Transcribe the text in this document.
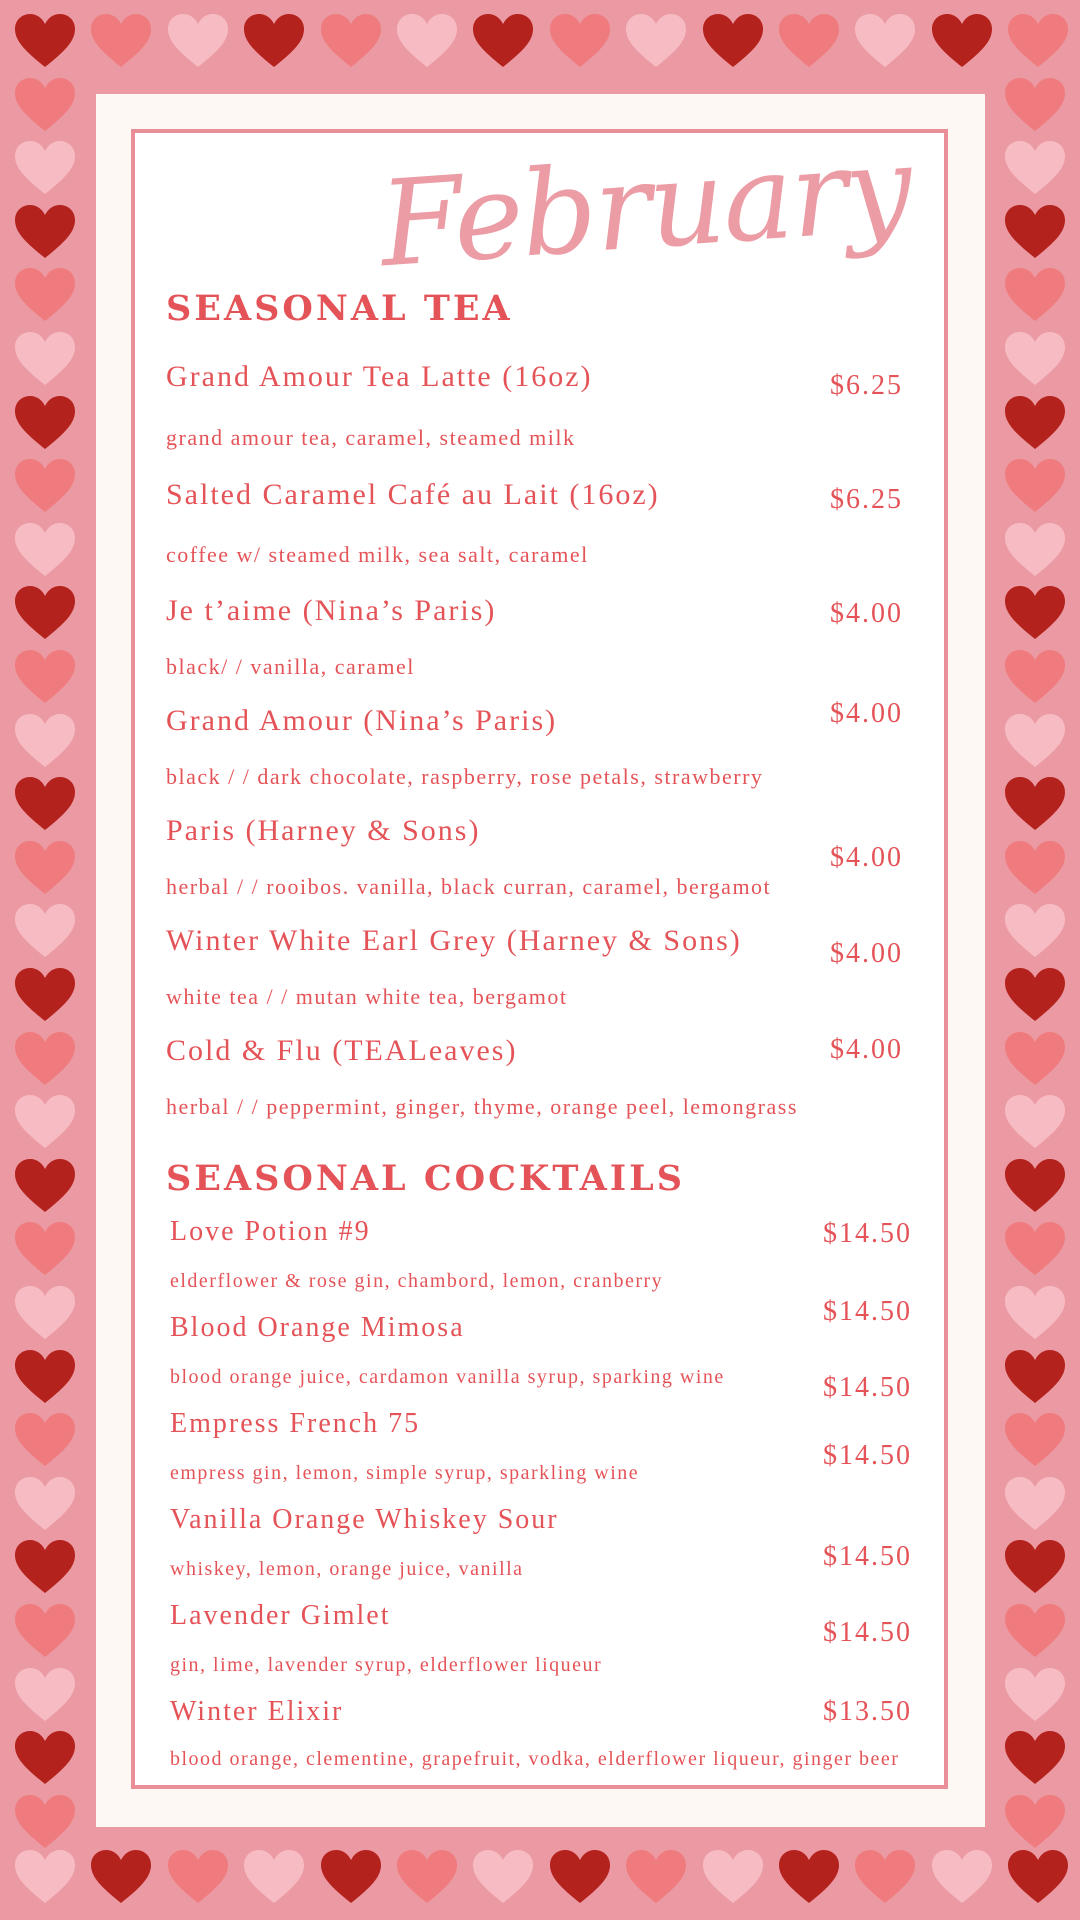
February
SEASONAL TEA
Grand Amour Tea Latte (16oz)
grand amour tea, caramel, steamed milk
$6.25
Salted Caramel Café au Lait (16oz)
coffee w/ steamed milk, sea salt, caramel
$6.25
Je t’aime (Nina’s Paris)
black/ / vanilla, caramel
$4.00
Grand Amour (Nina’s Paris)
black / / dark chocolate, raspberry, rose petals, strawberry
$4.00
Paris (Harney & Sons)
herbal / / rooibos. vanilla, black curran, caramel, bergamot
$4.00
Winter White Earl Grey (Harney & Sons)
white tea / / mutan white tea, bergamot
$4.00
Cold & Flu (TEALeaves)
herbal / / peppermint, ginger, thyme, orange peel, lemongrass
$4.00
SEASONAL COCKTAILS
Love Potion #9
elderflower & rose gin, chambord, lemon, cranberry
Blood Orange Mimosa
blood orange juice, cardamon vanilla syrup, sparking wine
Empress French 75
empress gin, lemon, simple syrup, sparkling wine
Vanilla Orange Whiskey Sour
whiskey, lemon, orange juice, vanilla
Lavender Gimlet
gin, lime, lavender syrup, elderflower liqueur
Winter Elixir
blood orange, clementine, grapefruit, vodka, elderflower liqueur, ginger beer
$14.50
$14.50
$14.50
$14.50
$14.50
$14.50
$13.50
